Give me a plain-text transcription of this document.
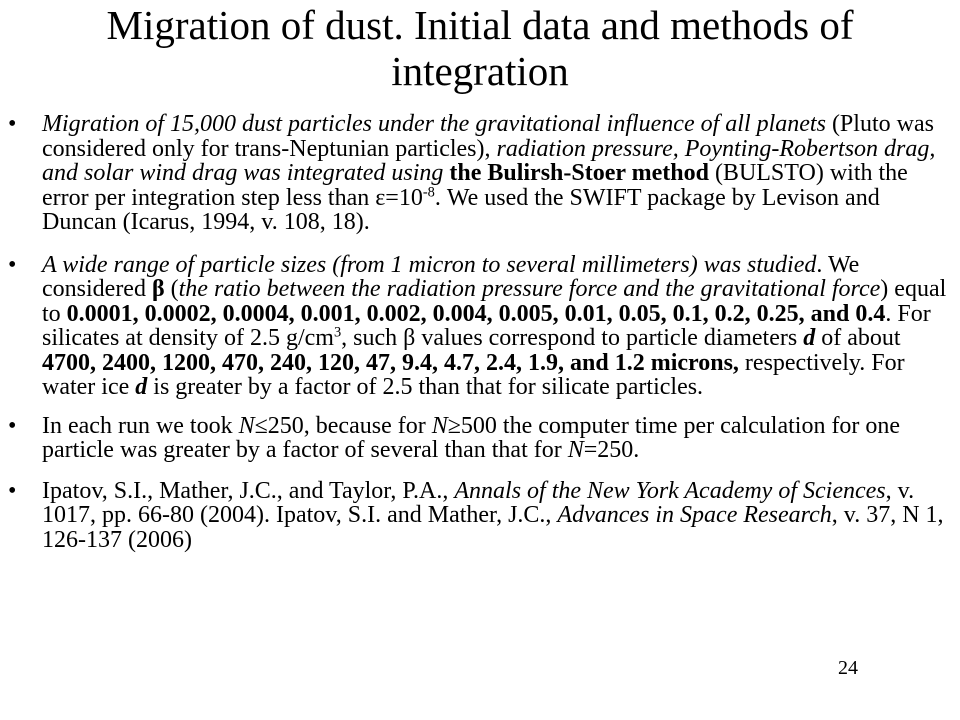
Migration of dust. Initial data and methods of integration
• Migration of 15,000 dust particles under the gravitational influence of all planets (Pluto was considered only for trans-Neptunian particles), radiation pressure, Poynting-Robertson drag, and solar wind drag was integrated using the Bulirsh-Stoer method (BULSTO) with the error per integration step less than $\varepsilon=10^{-8}$. We used the SWIFT package by Levison and Duncan (Icarus, 1994, v. 108, 18).
• A wide range of particle sizes (from 1 micron to several millimeters) was studied. We considered β (the ratio between the radiation pressure force and the gravitational force) equal to 0.0001, 0.0002, 0.0004, 0.001, 0.002, 0.004, 0.005, 0.01, 0.05, 0.1, 0.2, 0.25, and 0.4. For silicates at density of 2.5 $g/cm^3$, such β values correspond to particle diameters d of about 4700, 2400, 1200, 470, 240, 120, 47, 9.4, 4.7, 2.4, 1.9, and 1.2 microns, respectively. For water ice d is greater by a factor of 2.5 than that for silicate particles.
• In each run we took N≤250, because for N≥500 the computer time per calculation for one particle was greater by a factor of several than that for N=250.
• Ipatov, S.I., Mather, J.C., and Taylor, P.A., Annals of the New York Academy of Sciences, v. 1017, pp. 66-80 (2004). Ipatov, S.I. and Mather, J.C., Advances in Space Research, v. 37, N 1, 126-137 (2006)
24
